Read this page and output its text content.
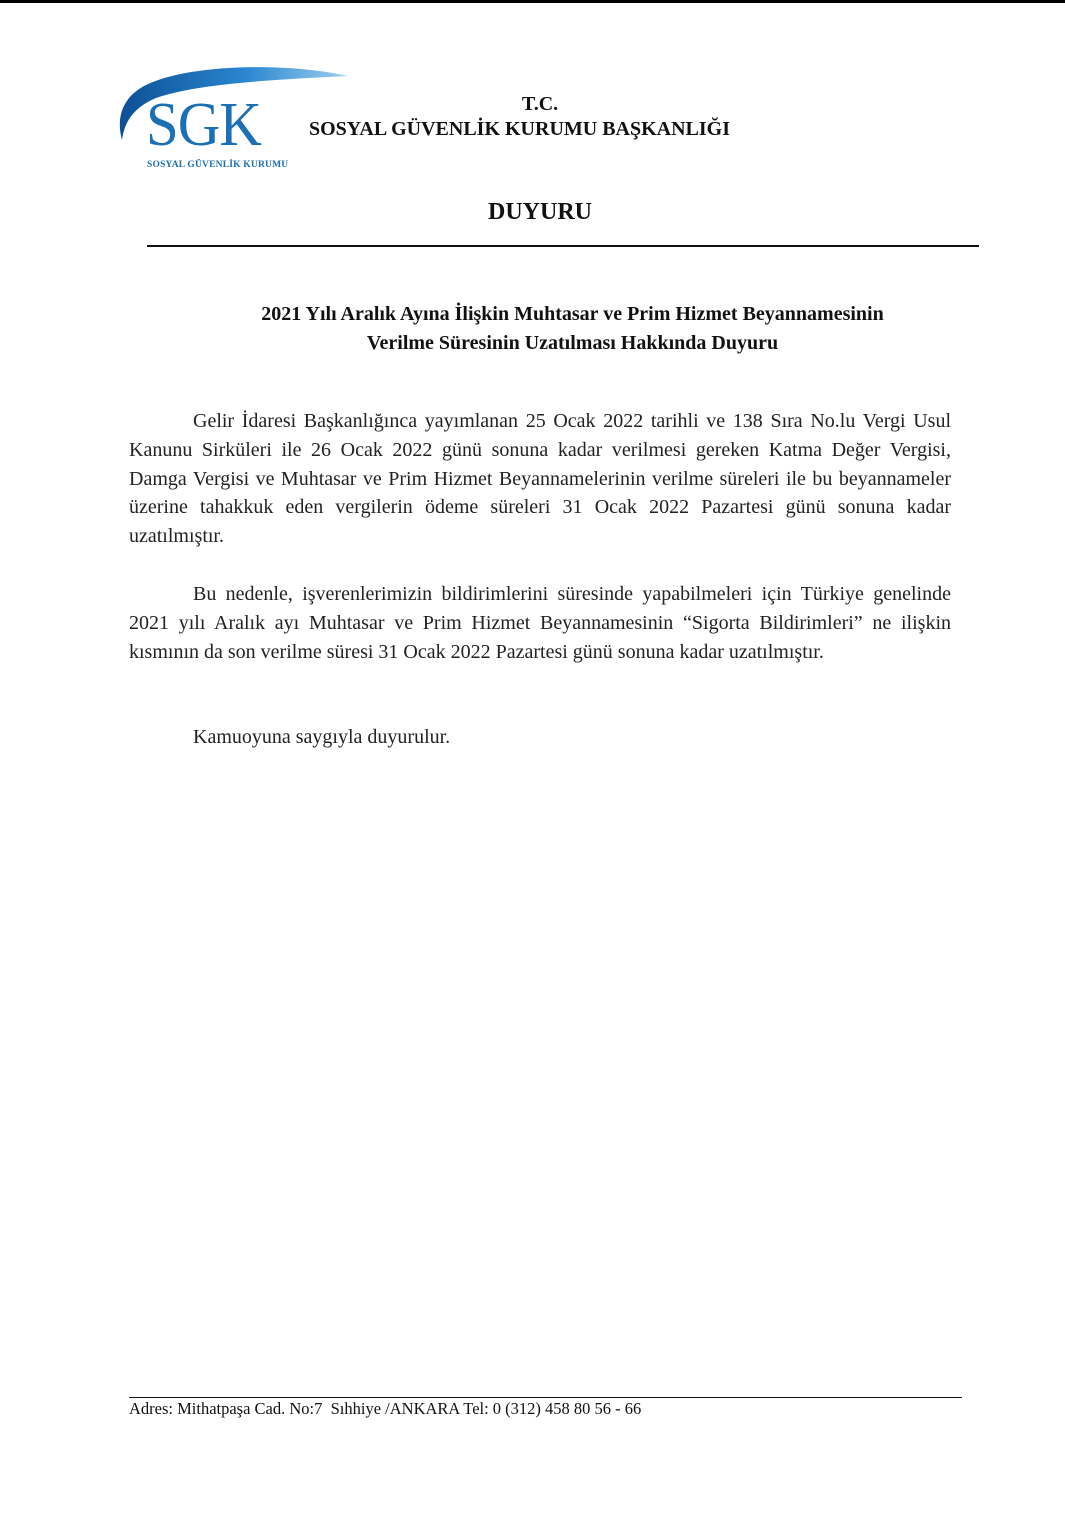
SGK
SOSYAL GÜVENLİK KURUMU
T.C.
SOSYAL GÜVENLİK KURUMU BAŞKANLIĞI
DUYURU
2021 Yılı Aralık Ayına İlişkin Muhtasar ve Prim Hizmet Beyannamesinin
Verilme Süresinin Uzatılması Hakkında Duyuru
Gelir İdaresi Başkanlığınca yayımlanan 25 Ocak 2022 tarihli ve 138 Sıra No.lu Vergi Usul Kanunu Sirküleri ile 26 Ocak 2022 günü sonuna kadar verilmesi gereken Katma Değer Vergisi, Damga Vergisi ve Muhtasar ve Prim Hizmet Beyannamelerinin verilme süreleri ile bu beyannameler üzerine tahakkuk eden vergilerin ödeme süreleri 31 Ocak 2022 Pazartesi günü sonuna kadar uzatılmıştır.
Bu nedenle, işverenlerimizin bildirimlerini süresinde yapabilmeleri için Türkiye genelinde 2021 yılı Aralık ayı Muhtasar ve Prim Hizmet Beyannamesinin “Sigorta Bildirimleri” ne ilişkin kısmının da son verilme süresi 31 Ocak 2022 Pazartesi günü sonuna kadar uzatılmıştır.
Kamuoyuna saygıyla duyurulur.
Adres: Mithatpaşa Cad. No:7  Sıhhiye /ANKARA Tel: 0 (312) 458 80 56 - 66
